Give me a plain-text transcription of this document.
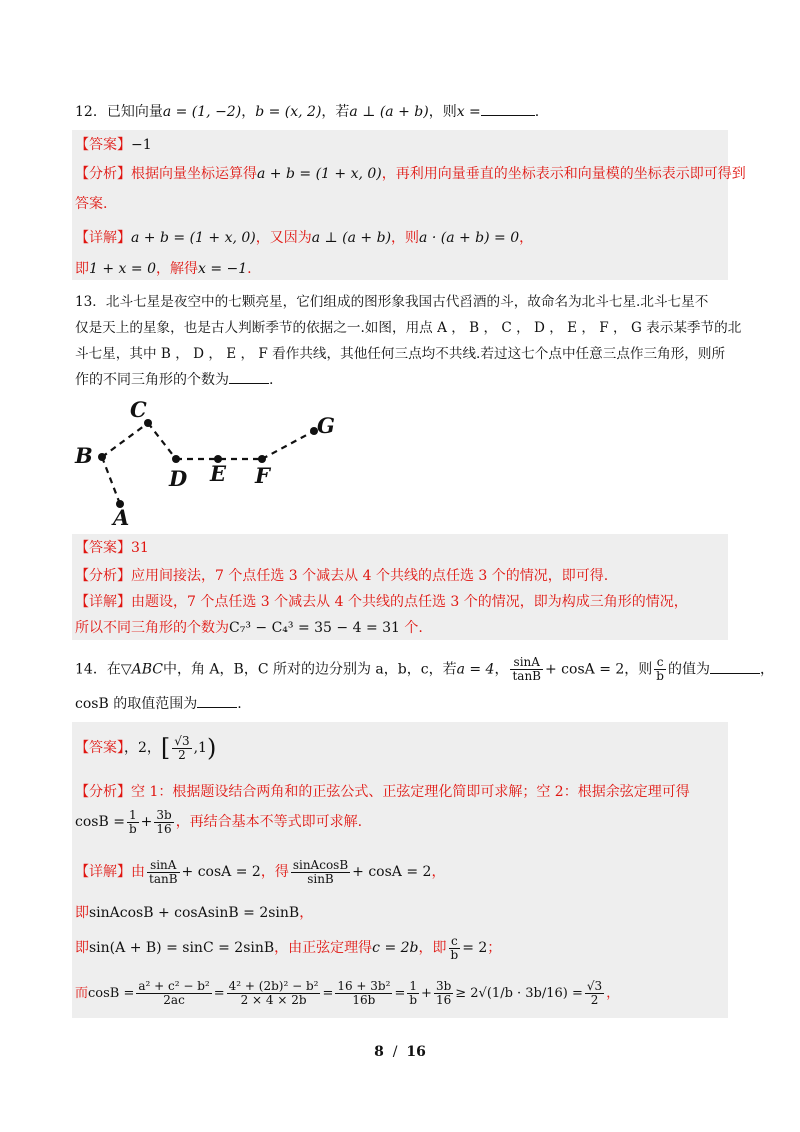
12．已知向量a = (1, −2)，b = (x, 2)，若a ⊥ (a + b)，则x =	.
【答案】−1
【分析】根据向量坐标运算得a + b = (1 + x, 0)，再利用向量垂直的坐标表示和向量模的坐标表示即可得到
答案.
【详解】a + b = (1 + x, 0)，又因为a ⊥ (a + b)，则a · (a + b) = 0，
即1 + x = 0，解得x = −1.
13．北斗七星是夜空中的七颗亮星，它们组成的图形象我国古代舀酒的斗，故命名为北斗七星.北斗七星不
仅是天上的星象，也是古人判断季节的依据之一.如图，用点 A ， B ， C ， D ， E ， F ， G 表示某季节的北
斗七星，其中 B ， D ， E ， F 看作共线，其他任何三点均不共线.若过这七个点中任意三点作三角形，则所
作的不同三角形的个数为	.
A
B
C
D E F
G
【答案】31
【分析】应用间接法，7 个点任选 3 个减去从 4 个共线的点任选 3 个的情况，即可得.
【详解】由题设，7 个点任选 3 个减去从 4 个共线的点任选 3 个的情况，即为构成三角形的情况，
所以不同三角形的个数为C₇³ − C₄³ = 35 − 4 = 31 个.
14．在▽ABC中，角 A，B，C 所对的边分别为 a，b，c，若a = 4， $\frac{\sin A}{\tan B} + \cos A = 2$，则 $\frac{c}{b}$ 的值为	，
cosB 的取值范围为	.
【答案】，2，[ $\frac{√3}{2} ,1$)
【分析】空 1：根据题设结合两角和的正弦公式、正弦定理化简即可求解；空 2：根据余弦定理可得
$\cos B = \frac{1}{b} + \frac{3b}{16}$ ，再结合基本不等式即可求解.
【详解】由 $\frac{\sin A}{\tan B} + \cos A = 2$，得 $\frac{\text{sinAcosB}}{\sin B} + \cos A = 2$，
即sinAcosB + cosAsinB = 2sinB，
即sin(A + B) = sinC = 2sinB，由正弦定理得c = 2b，即 $\frac{c}{b} = 2$；
而$\cos B = \frac{\text{a² + c² − b²}}{2ac} = \frac{\text{4² + (2b)² − b²}}{2 \times 4 \times 2b} = \frac{\text{16 + 3b²}}{16b} = \frac{1}{b} + \frac{3b}{16} \ge 2√(1/b \cdot 3b/16) = \frac{√3}{2}$ ，
8 / 16
